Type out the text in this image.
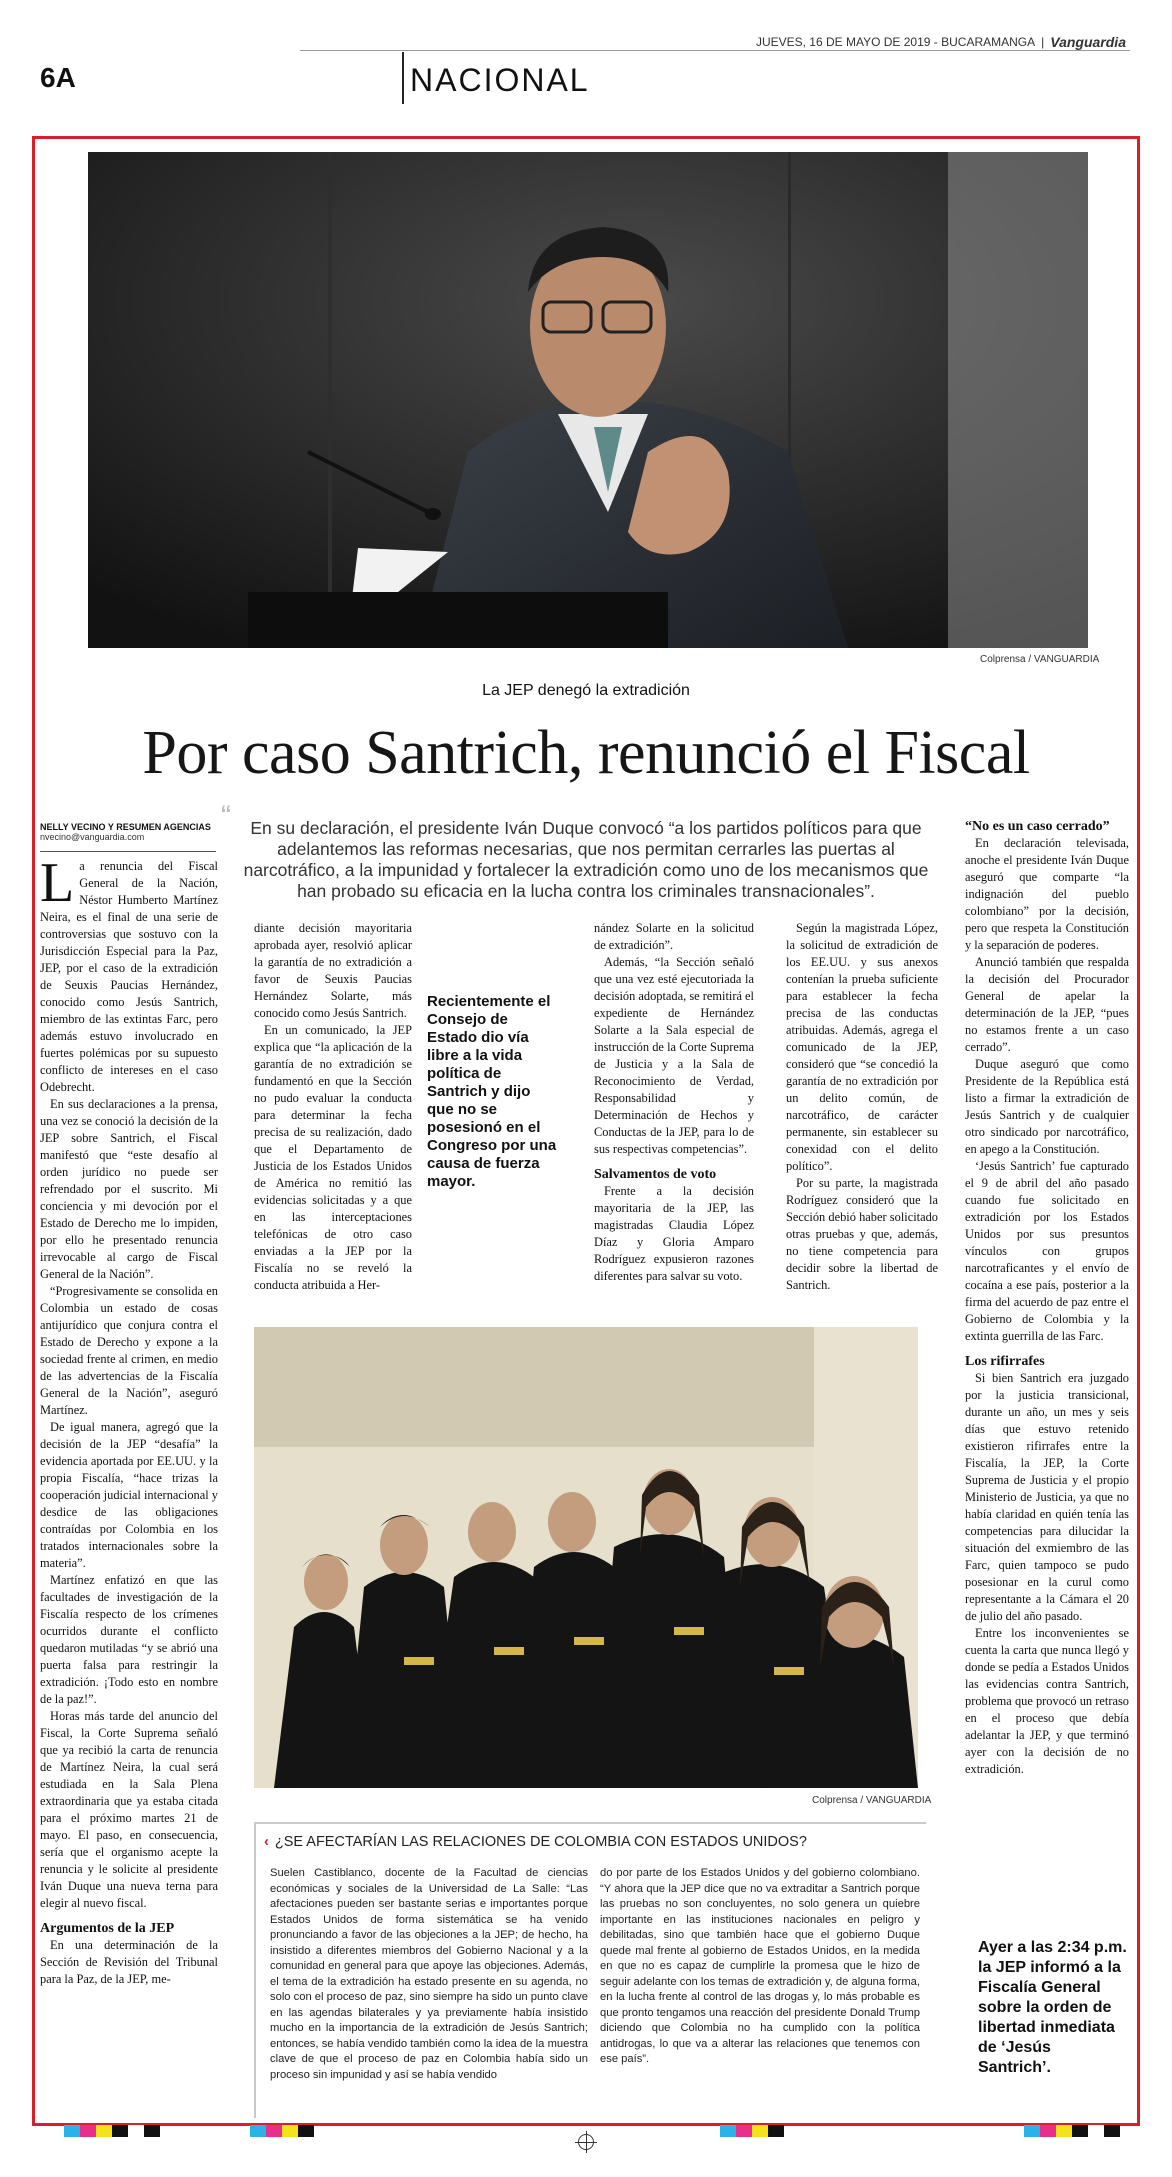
6A	NACIONAL
JUEVES, 16 DE MAYO DE 2019 - BUCARAMANGA | Vanguardia
Colprensa / VANGUARDIA
La JEP denegó la extradición
Por caso Santrich, renunció el Fiscal
NELLY VECINO Y RESUMEN AGENCIAS
nvecino@vanguardia.com
“ En su declaración, el presidente Iván Duque convocó “a los partidos políticos para que adelantemos las reformas necesarias, que nos permitan cerrarles las puertas al narcotráfico, a la impunidad y fortalecer la extradición como uno de los mecanismos que han probado su eficacia en la lucha contra los criminales transnacionales”.

La renuncia del Fiscal General de la Nación, Néstor Humberto Martínez Neira, es el final de una serie de controversias que sostuvo con la Jurisdicción Especial para la Paz, JEP, por el caso de la extradición de Seuxis Paucias Hernández, conocido como Jesús Santrich, miembro de las extintas Farc, pero además estuvo involucrado en fuertes polémicas por su supuesto conflicto de intereses en el caso Odebrecht.

En sus declaraciones a la prensa, una vez se conoció la decisión de la JEP sobre Santrich, el Fiscal manifestó que “este desafío al orden jurídico no puede ser refrendado por el suscrito. Mi conciencia y mi devoción por el Estado de Derecho me lo impiden, por ello he presentado renuncia irrevocable al cargo de Fiscal General de la Nación”.

“Progresivamente se consolida en Colombia un estado de cosas antijurídico que conjura contra el Estado de Derecho y expone a la sociedad frente al crimen, en medio de las advertencias de la Fiscalía General de la Nación”, aseguró Martínez.

De igual manera, agregó que la decisión de la JEP “desafía” la evidencia aportada por EE.UU. y la propia Fiscalía, “hace trizas la cooperación judicial internacional y desdice de las obligaciones contraídas por Colombia en los tratados internacionales sobre la materia”.

Martínez enfatizó en que las facultades de investigación de la Fiscalía respecto de los crímenes ocurridos durante el conflicto quedaron mutiladas “y se abrió una puerta falsa para restringir la extradición. ¡Todo esto en nombre de la paz!”.

Horas más tarde del anuncio del Fiscal, la Corte Suprema señaló que ya recibió la carta de renuncia de Martínez Neira, la cual será estudiada en la Sala Plena extraordinaria que ya estaba citada para el próximo martes 21 de mayo. El paso, en consecuencia, sería que el organismo acepte la renuncia y le solicite al presidente Iván Duque una nueva terna para elegir al nuevo fiscal.

Argumentos de la JEP

En una determinación de la Sección de Revisión del Tribunal para la Paz, de la JEP, me-

diante decisión mayoritaria aprobada ayer, resolvió aplicar la garantía de no extradición a favor de Seuxis Paucias Hernández Solarte, más conocido como Jesús Santrich.

En un comunicado, la JEP explica que “la aplicación de la garantía de no extradición se fundamentó en que la Sección no pudo evaluar la conducta para determinar la fecha precisa de su realización, dado que el Departamento de Justicia de los Estados Unidos de América no remitió las evidencias solicitadas y a que en las interceptaciones telefónicas de otro caso enviadas a la JEP por la Fiscalía no se reveló la conducta atribuida a Her-

Recientemente el Consejo de Estado dio vía libre a la vida política de Santrich y dijo que no se posesionó en el Congreso por una causa de fuerza mayor.

nández Solarte en la solicitud de extradición”.

Además, “la Sección señaló que una vez esté ejecutoriada la decisión adoptada, se remitirá el expediente de Hernández Solarte a la Sala especial de instrucción de la Corte Suprema de Justicia y a la Sala de Reconocimiento de Verdad, Responsabilidad y Determinación de Hechos y Conductas de la JEP, para lo de sus respectivas competencias”.

Salvamentos de voto

Frente a la decisión mayoritaria de la JEP, las magistradas Claudia López Díaz y Gloria Amparo Rodríguez expusieron razones diferentes para salvar su voto.

Según la magistrada López, la solicitud de extradición de los EE.UU. y sus anexos contenían la prueba suficiente para establecer la fecha precisa de las conductas atribuidas. Además, agrega el comunicado de la JEP, consideró que “se concedió la garantía de no extradición por un delito común, de narcotráfico, de carácter permanente, sin establecer su conexidad con el delito político”.

Por su parte, la magistrada Rodríguez consideró que la Sección debió haber solicitado otras pruebas y que, además, no tiene competencia para decidir sobre la libertad de Santrich.

“No es un caso cerrado”

En declaración televisada, anoche el presidente Iván Duque aseguró que comparte “la indignación del pueblo colombiano” por la decisión, pero que respeta la Constitución y la separación de poderes.

Anunció también que respalda la decisión del Procurador General de apelar la determinación de la JEP, “pues no estamos frente a un caso cerrado”.

Duque aseguró que como Presidente de la República está listo a firmar la extradición de Jesús Santrich y de cualquier otro sindicado por narcotráfico, en apego a la Constitución.

‘Jesús Santrich’ fue capturado el 9 de abril del año pasado cuando fue solicitado en extradición por los Estados Unidos por sus presuntos vínculos con grupos narcotraficantes y el envío de cocaína a ese país, posterior a la firma del acuerdo de paz entre el Gobierno de Colombia y la extinta guerrilla de las Farc.

Los rifirrafes

Si bien Santrich era juzgado por la justicia transicional, durante un año, un mes y seis días que estuvo retenido existieron rifirrafes entre la Fiscalía, la JEP, la Corte Suprema de Justicia y el propio Ministerio de Justicia, ya que no había claridad en quién tenía las competencias para dilucidar la situación del exmiembro de las Farc, quien tampoco se pudo posesionar en la curul como representante a la Cámara el 20 de julio del año pasado.

Entre los inconvenientes se cuenta la carta que nunca llegó y donde se pedía a Estados Unidos las evidencias contra Santrich, problema que provocó un retraso en el proceso que debía adelantar la JEP, y que terminó ayer con la decisión de no extradición.

Colprensa / VANGUARDIA
‹ ¿SE AFECTARÍAN LAS RELACIONES DE COLOMBIA CON ESTADOS UNIDOS?
Suelen Castiblanco, docente de la Facultad de ciencias económicas y sociales de la Universidad de La Salle: “Las afectaciones pueden ser bastante serias e importantes porque Estados Unidos de forma sistemática se ha venido pronunciando a favor de las objeciones a la JEP; de hecho, ha insistido a diferentes miembros del Gobierno Nacional y a la comunidad en general para que apoye las objeciones. Además, el tema de la extradición ha estado presente en su agenda, no solo con el proceso de paz, sino siempre ha sido un punto clave en las agendas bilaterales y ya previamente había insistido mucho en la importancia de la extradición de Jesús Santrich; entonces, se había vendido también como la idea de la muestra clave de que el proceso de paz en Colombia había sido un proceso sin impunidad y así se había vendido
do por parte de los Estados Unidos y del gobierno colombiano. “Y ahora que la JEP dice que no va extraditar a Santrich porque las pruebas no son concluyentes, no solo genera un quiebre importante en las instituciones nacionales en peligro y debilitadas, sino que también hace que el gobierno Duque quede mal frente al gobierno de Estados Unidos, en la medida en que no es capaz de cumplirle la promesa que le hizo de seguir adelante con los temas de extradición y, de alguna forma, en la lucha frente al control de las drogas y, lo más probable es que pronto tengamos una reacción del presidente Donald Trump diciendo que Colombia no ha cumplido con la política antidrogas, lo que va a alterar las relaciones que tenemos con ese país”.
Ayer a las 2:34 p.m. la JEP informó a la Fiscalía General sobre la orden de libertad inmediata de ‘Jesús Santrich’.
